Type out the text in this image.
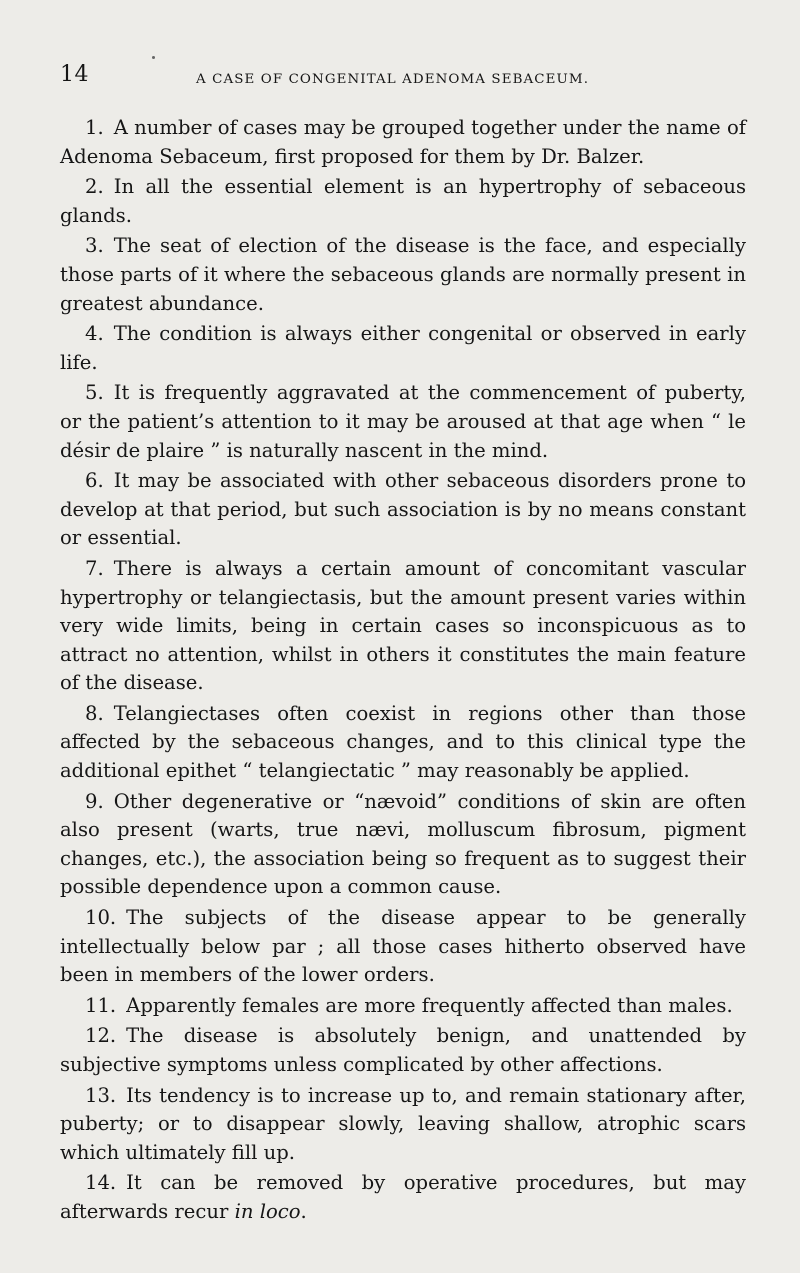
14	A CASE OF CONGENITAL ADENOMA SEBACEUM.

1. A number of cases may be grouped together under the name of Adenoma Sebaceum, first proposed for them by Dr. Balzer.

2. In all the essential element is an hypertrophy of sebaceous glands.

3. The seat of election of the disease is the face, and especially those parts of it where the sebaceous glands are normally present in greatest abundance.

4. The condition is always either congenital or observed in early life.

5. It is frequently aggravated at the commencement of puberty, or the patient’s attention to it may be aroused at that age when “ le désir de plaire ” is naturally nascent in the mind.

6. It may be associated with other sebaceous disorders prone to develop at that period, but such association is by no means constant or essential.

7. There is always a certain amount of concomitant vascular hypertrophy or telangiectasis, but the amount present varies within very wide limits, being in certain cases so inconspicuous as to attract no attention, whilst in others it constitutes the main feature of the disease.

8. Telangiectases often coexist in regions other than those affected by the sebaceous changes, and to this clinical type the additional epithet “ telangiectatic ” may reasonably be applied.

9. Other degenerative or “nævoid” conditions of skin are often also present (warts, true nævi, molluscum fibrosum, pigment changes, etc.), the association being so frequent as to suggest their possible dependence upon a common cause.

10. The subjects of the disease appear to be generally intellectually below par ; all those cases hitherto observed have been in members of the lower orders.

11. Apparently females are more frequently affected than males.

12. The disease is absolutely benign, and unattended by subjective symptoms unless complicated by other affections.

13. Its tendency is to increase up to, and remain stationary after, puberty; or to disappear slowly, leaving shallow, atrophic scars which ultimately fill up.

14. It can be removed by operative procedures, but may afterwards recur in loco.
